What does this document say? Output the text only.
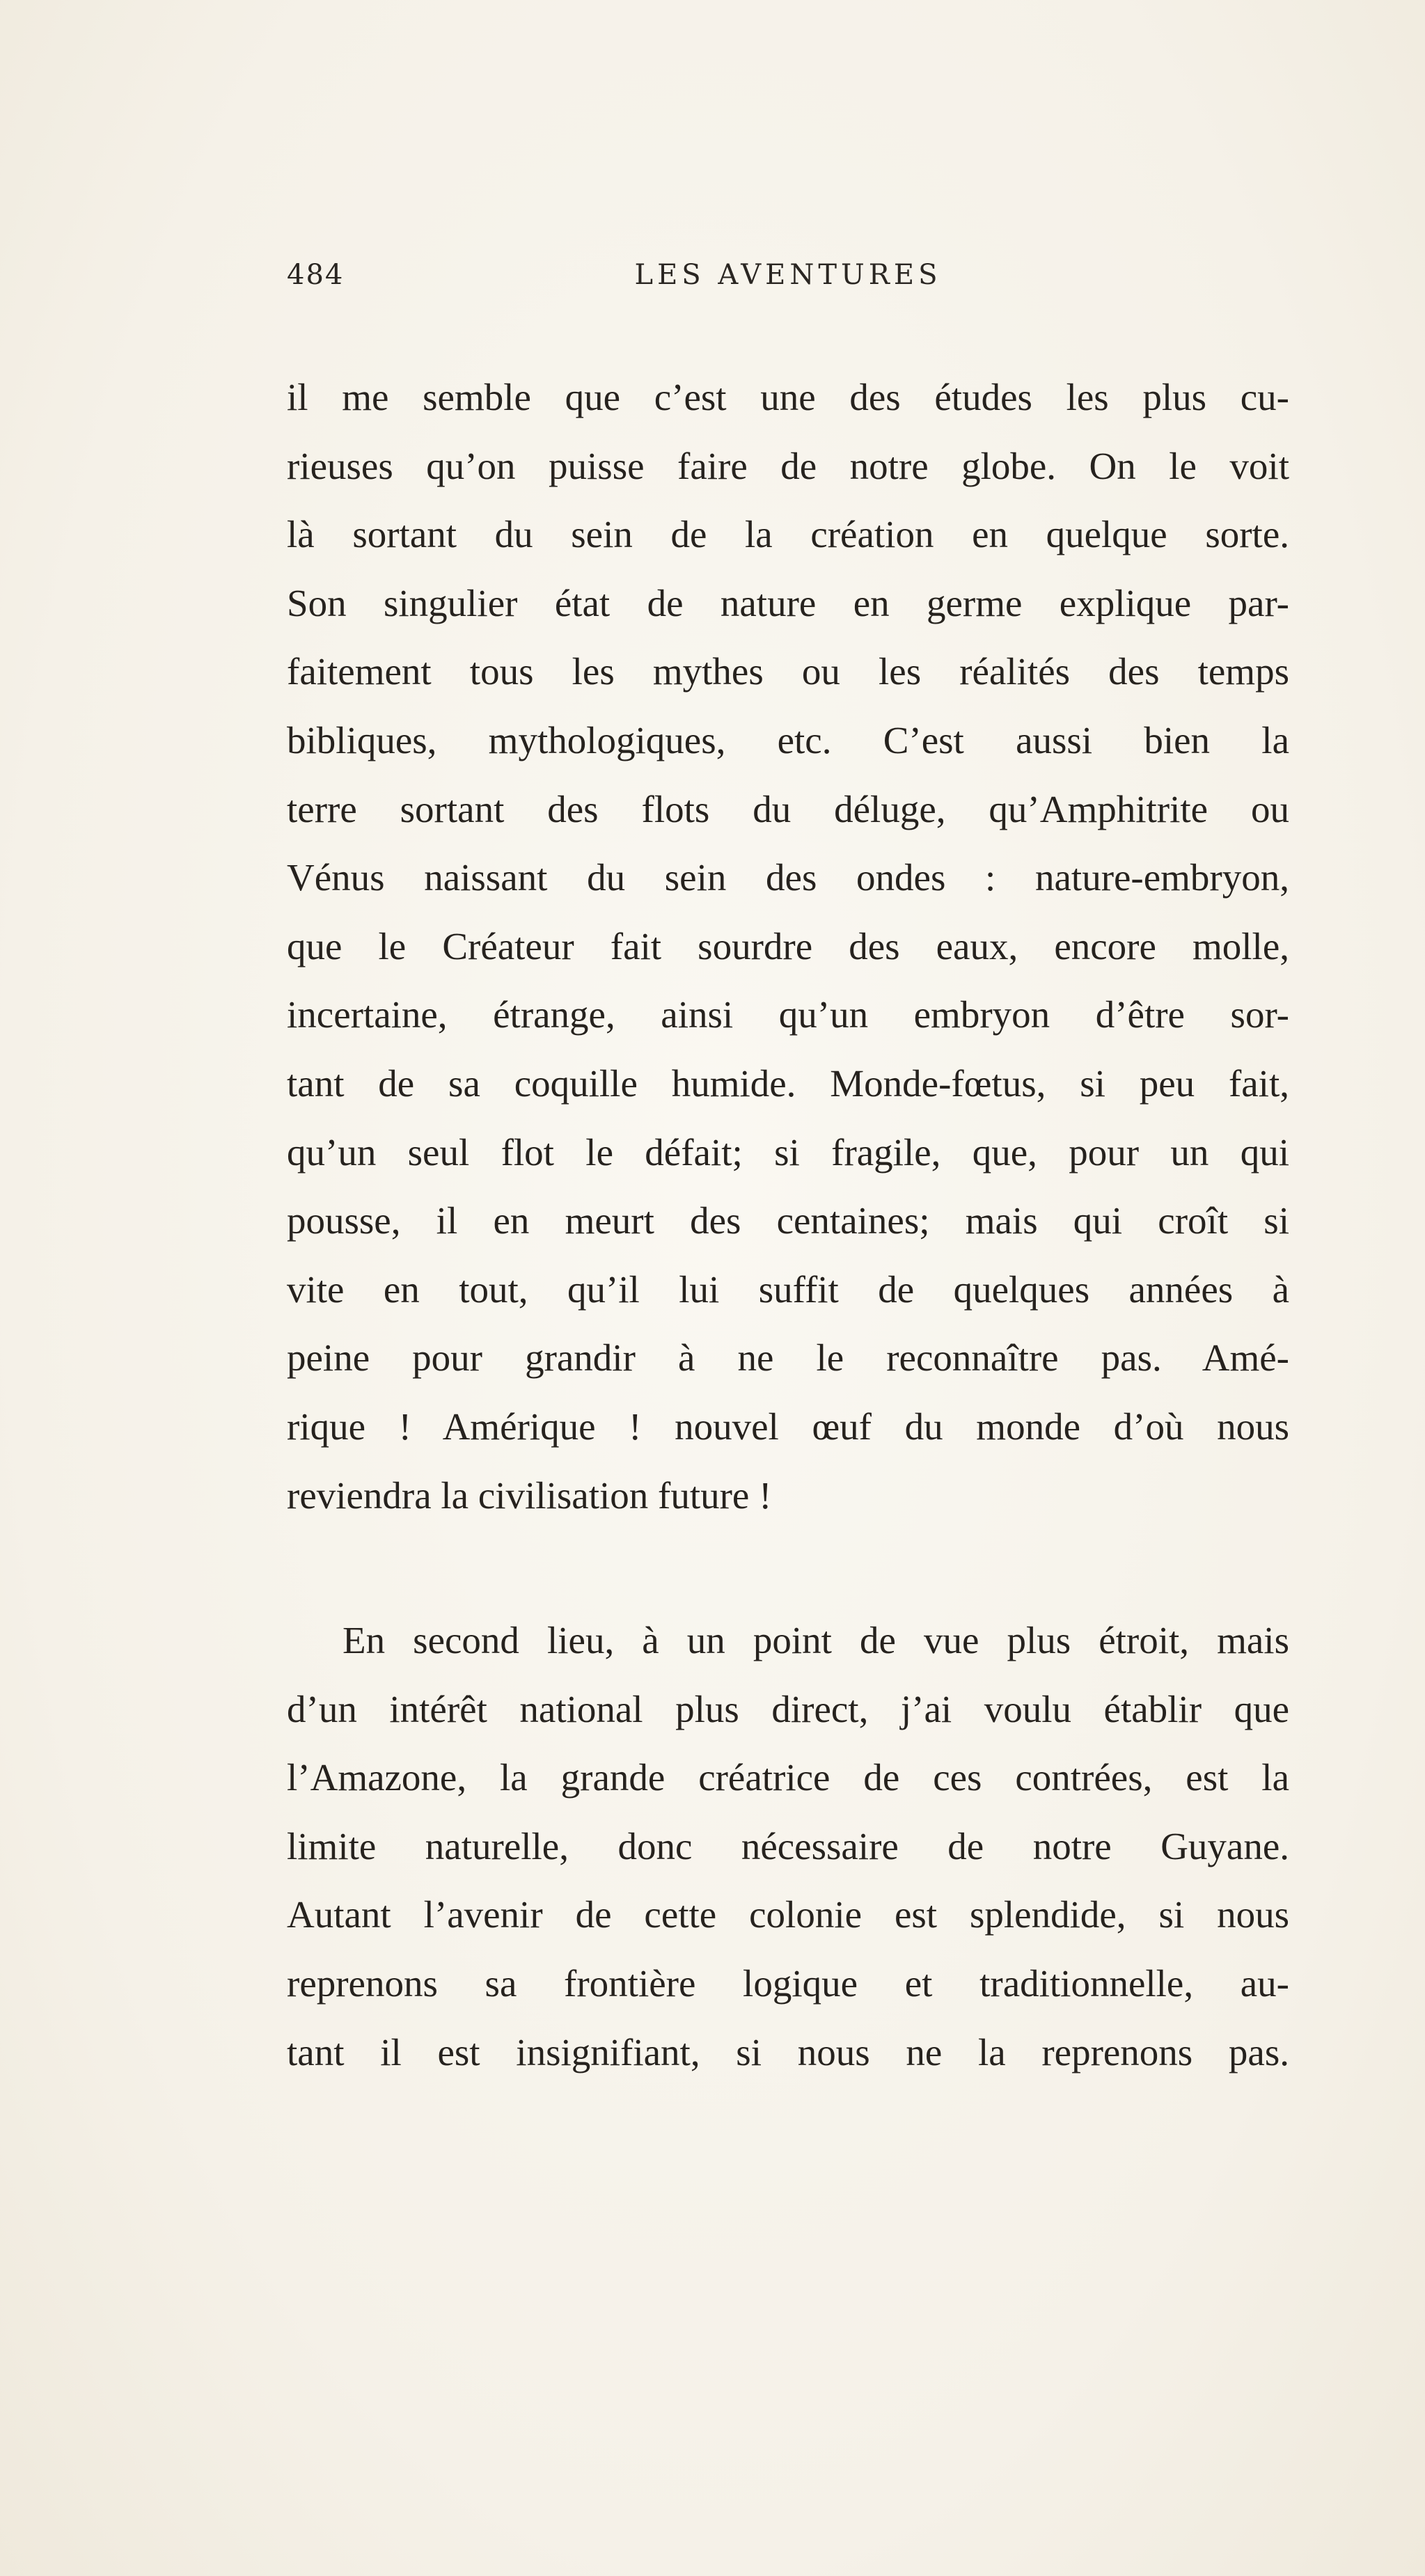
484	LES AVENTURES
il me semble que c’est une des études les plus cu-
rieuses qu’on puisse faire de notre globe. On le voit
là sortant du sein de la création en quelque sorte.
Son singulier état de nature en germe explique par-
faitement tous les mythes ou les réalités des temps
bibliques, mythologiques, etc. C’est aussi bien la
terre sortant des flots du déluge, qu’Amphitrite ou
Vénus naissant du sein des ondes : nature-embryon,
que le Créateur fait sourdre des eaux, encore molle,
incertaine, étrange, ainsi qu’un embryon d’être sor-
tant de sa coquille humide. Monde-fœtus, si peu fait,
qu’un seul flot le défait; si fragile, que, pour un qui
pousse, il en meurt des centaines; mais qui croît si
vite en tout, qu’il lui suffit de quelques années à
peine pour grandir à ne le reconnaître pas. Amé-
rique ! Amérique ! nouvel œuf du monde d’où nous
reviendra la civilisation future !
En second lieu, à un point de vue plus étroit, mais
d’un intérêt national plus direct, j’ai voulu établir que
l’Amazone, la grande créatrice de ces contrées, est la
limite naturelle, donc nécessaire de notre Guyane.
Autant l’avenir de cette colonie est splendide, si nous
reprenons sa frontière logique et traditionnelle, au-
tant il est insignifiant, si nous ne la reprenons pas.
